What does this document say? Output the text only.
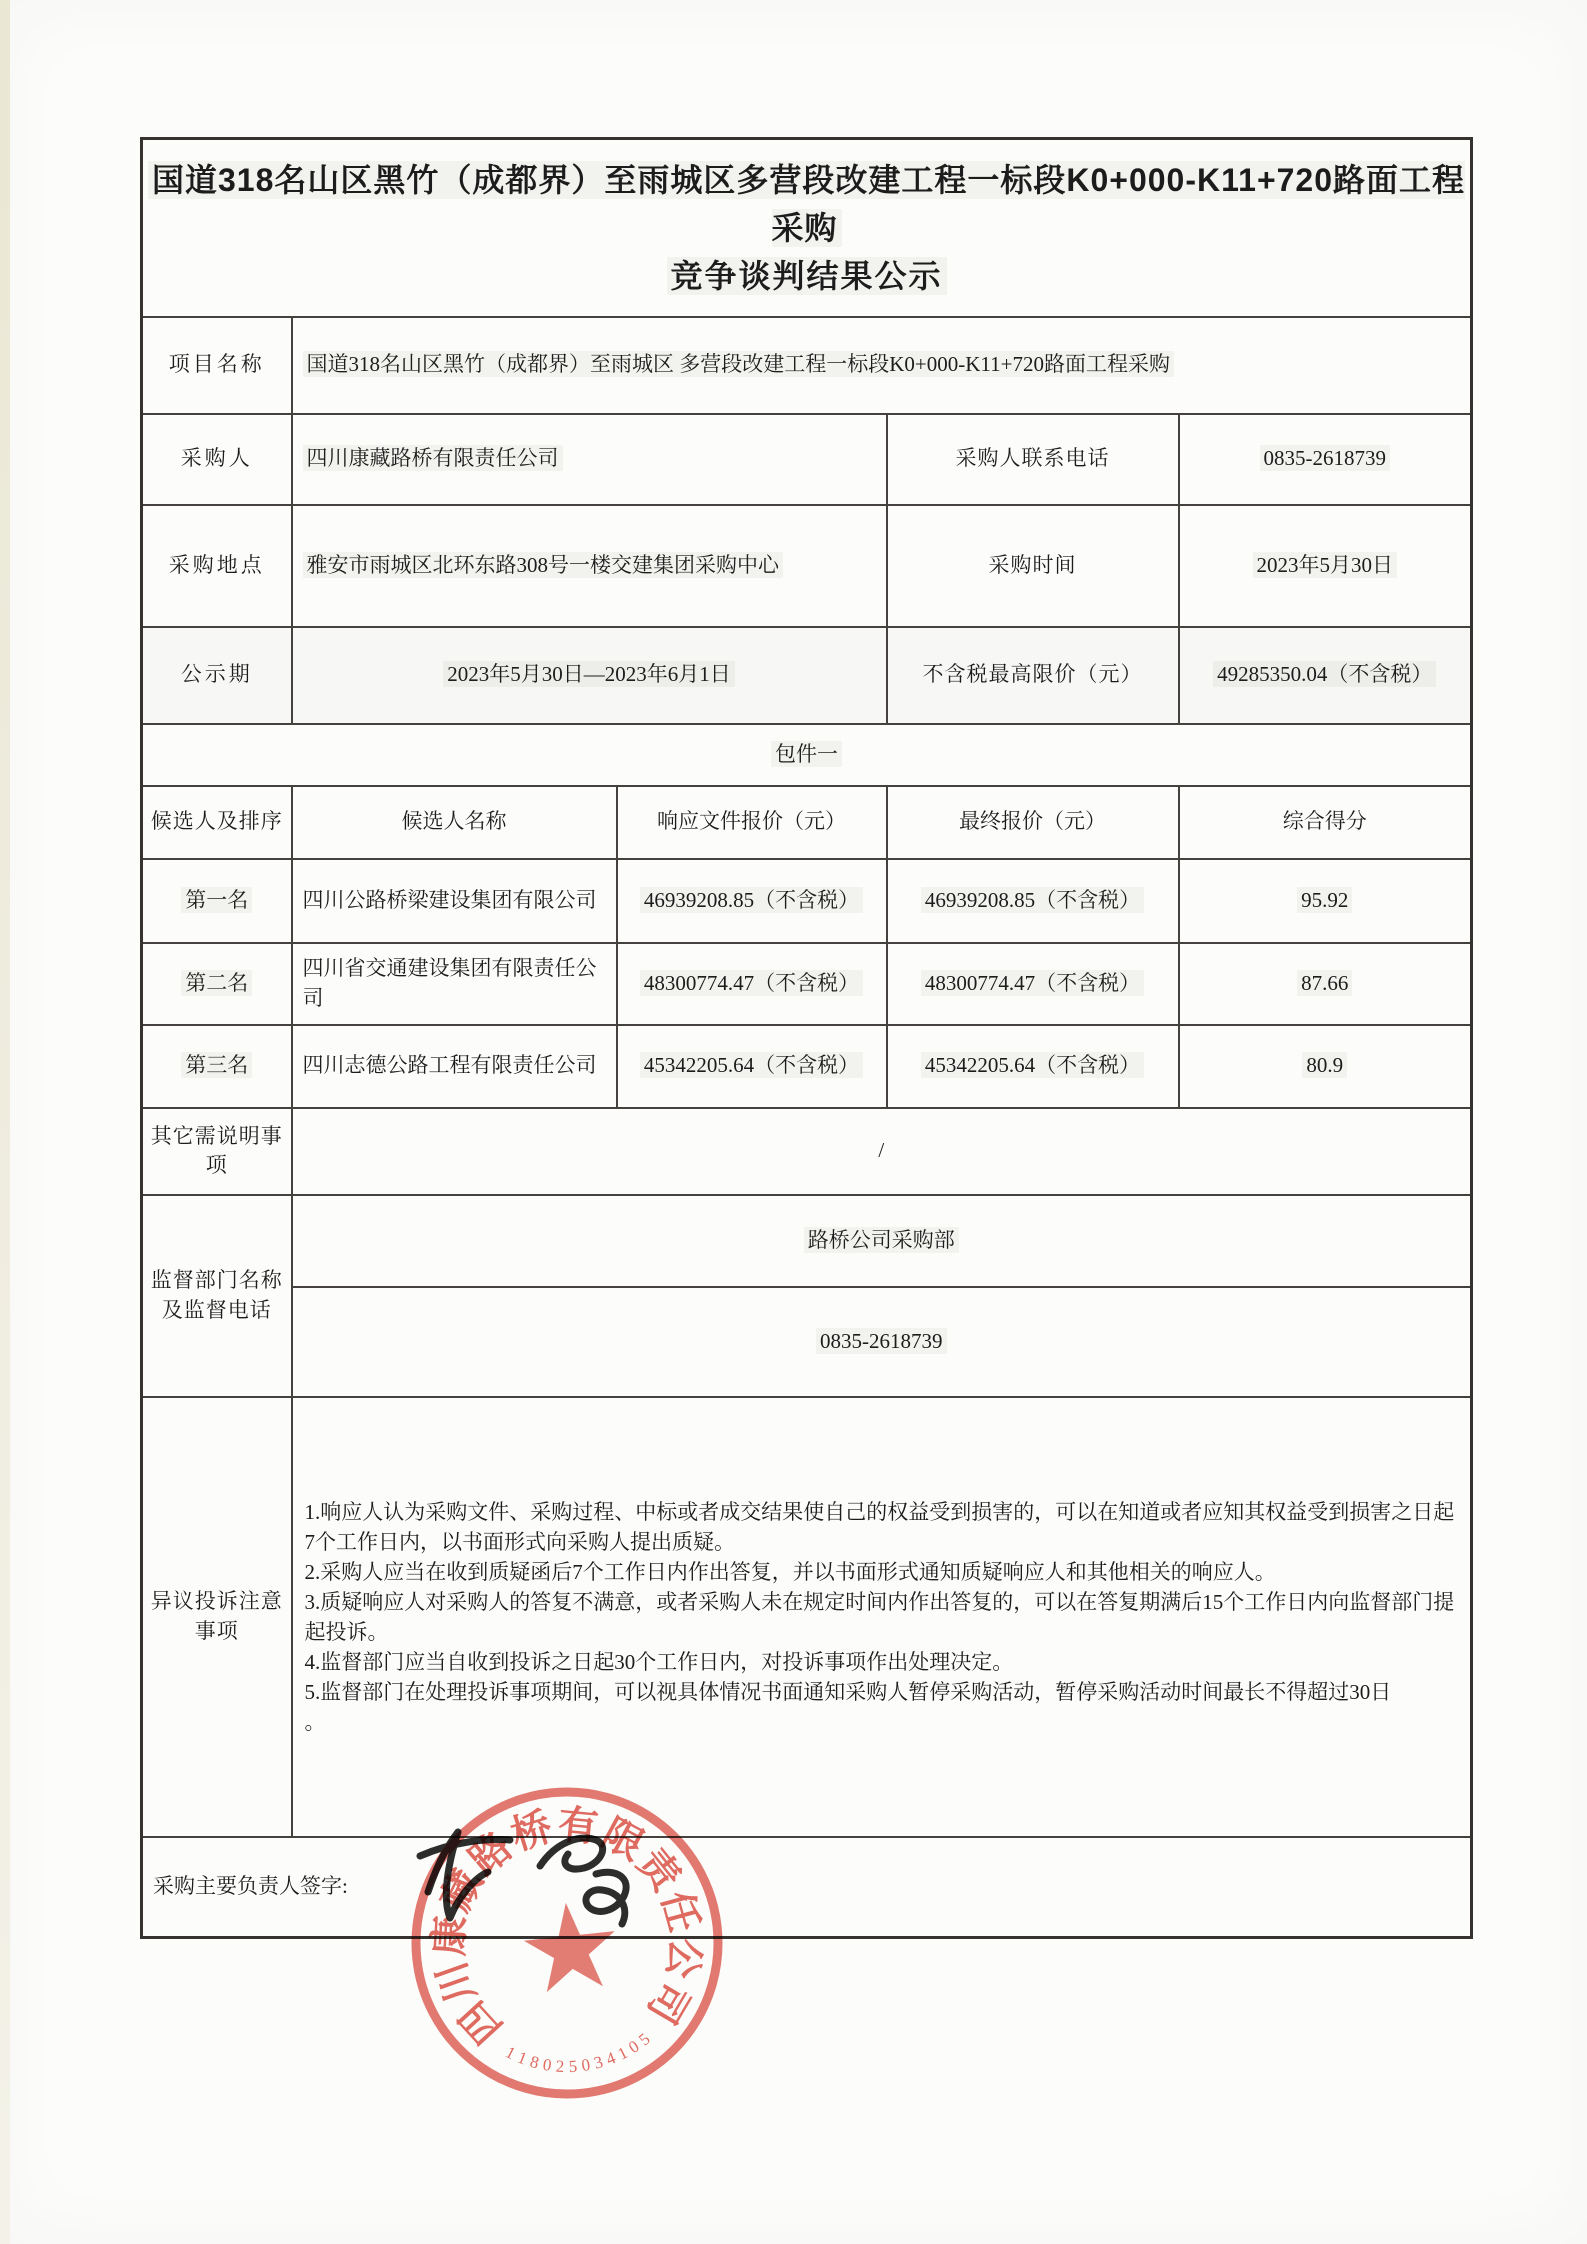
国道318名山区黑竹（成都界）至雨城区多营段改建工程一标段K0+000-K11+720路面工程采购
竞争谈判结果公示				

项目名称	国道318名山区黑竹（成都界）至雨城区 多营段改建工程一标段K0+000-K11+720路面工程采购			
采购人	四川康藏路桥有限责任公司		采购人联系电话	0835-2618739
采购地点	雅安市雨城区北环东路308号一楼交建集团采购中心		采购时间	2023年5月30日
公示期	2023年5月30日—2023年6月1日		不含税最高限价（元）	49285350.04（不含税）
包件一				
候选人及排序	候选人名称	响应文件报价（元）	最终报价（元）	综合得分
第一名	四川公路桥梁建设集团有限公司	46939208.85（不含税）	46939208.85（不含税）	95.92
第二名	四川省交通建设集团有限责任公司	48300774.47（不含税）	48300774.47（不含税）	87.66
第三名	四川志德公路工程有限责任公司	45342205.64（不含税）	45342205.64（不含税）	80.9
其它需说明事项	/			
监督部门名称及监督电话	路桥公司采购部			
	0835-2618739			
异议投诉注意事项	
1.响应人认为采购文件、采购过程、中标或者成交结果使自己的权益受到损害的，可以在知道或者应知其权益受到损害之日起7个工作日内，以书面形式向采购人提出质疑。
2.采购人应当在收到质疑函后7个工作日内作出答复，并以书面形式通知质疑响应人和其他相关的响应人。
3.质疑响应人对采购人的答复不满意，或者采购人未在规定时间内作出答复的，可以在答复期满后15个工作日内向监督部门提起投诉。
4.监督部门应当自收到投诉之日起30个工作日内，对投诉事项作出处理决定。
5.监督部门在处理投诉事项期间，可以视具体情况书面通知采购人暂停采购活动，暂停采购活动时间最长不得超过30日
。

采购主要负责人签字:				
四
川
康
藏
路
桥
有
限
责
任
公
司
1
1
8 0 2 5 0 3
4
1
0
5
